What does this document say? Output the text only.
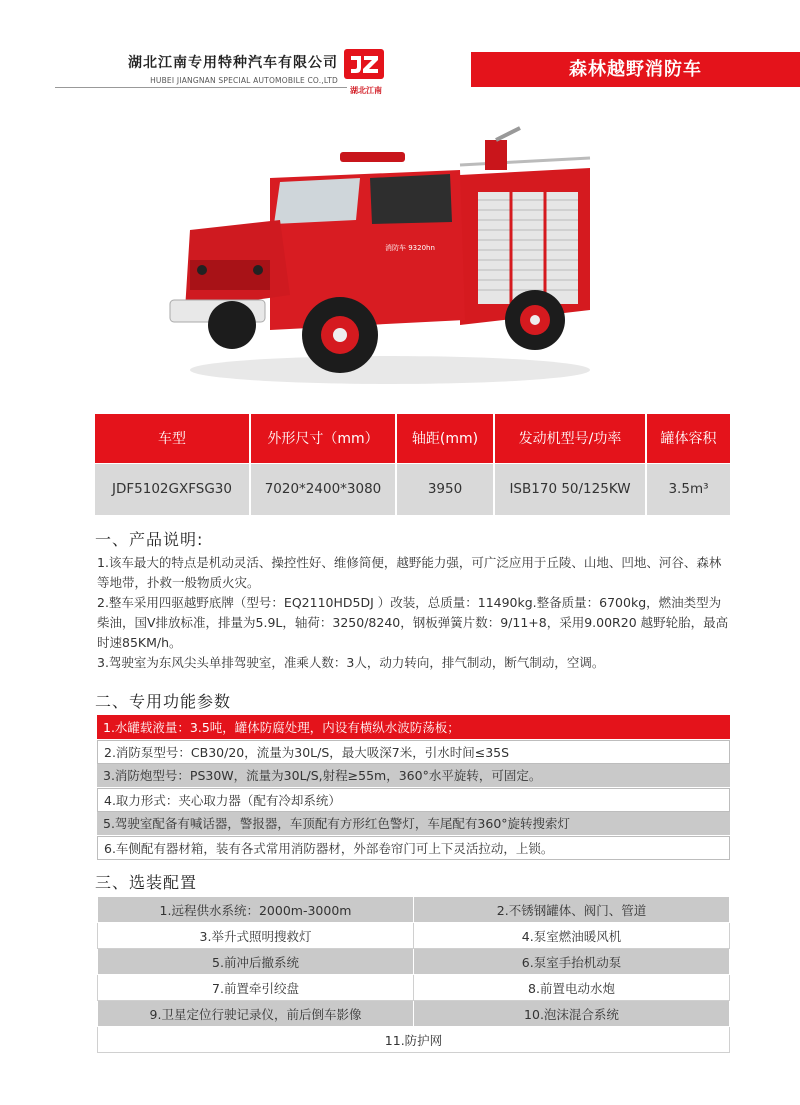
湖北江南专用特种汽车有限公司
HUBEI JIANGNAN SPECIAL AUTOMOBILE CO.,LTD
湖北江南
森林越野消防车
消防车 9320hn
车型	外形尺寸（mm）	轴距(mm)	发动机型号/功率	罐体容积
JDF5102GXFSG30	7020*2400*3080	3950	ISB170 50/125KW	3.5m³
一、产品说明:

1.该车最大的特点是机动灵活、操控性好、维修简便，越野能力强，可广泛应用于丘陵、山地、凹地、河谷、森林等地带，扑救一般物质火灾。

2.整车采用四驱越野底牌（型号：EQ2110HD5DJ ）改装，总质量：11490kg.整备质量：6700kg，燃油类型为柴油，国V排放标准，排量为5.9L，轴荷：3250/8240，钢板弹簧片数：9/11+8，采用9.00R20 越野轮胎，最高时速85KM/h。

3.驾驶室为东风尖头单排驾驶室，准乘人数：3人，动力转向，排气制动，断气制动，空调。

二、专用功能参数
1.水罐载液量：3.5吨，罐体防腐处理，内设有横纵水波防荡板；
2.消防泵型号：CB30/20，流量为30L/S，最大吸深7米，引水时间≤35S
3.消防炮型号：PS30W，流量为30L/S,射程≥55m，360°水平旋转，可固定。
4.取力形式：夹心取力器（配有冷却系统）
5.驾驶室配备有喊话器，警报器，车顶配有方形红色警灯，车尾配有360°旋转搜索灯
6.车侧配有器材箱，装有各式常用消防器材，外部卷帘门可上下灵活拉动，上锁。
三、选装配置
1.远程供水系统：2000m-3000m	2.不锈钢罐体、阀门、管道
3.举升式照明搜救灯	4.泵室燃油暖风机
5.前冲后撤系统	6.泵室手抬机动泵
7.前置牵引绞盘	8.前置电动水炮
9.卫星定位行驶记录仪，前后倒车影像	10.泡沫混合系统
11.防护网	
